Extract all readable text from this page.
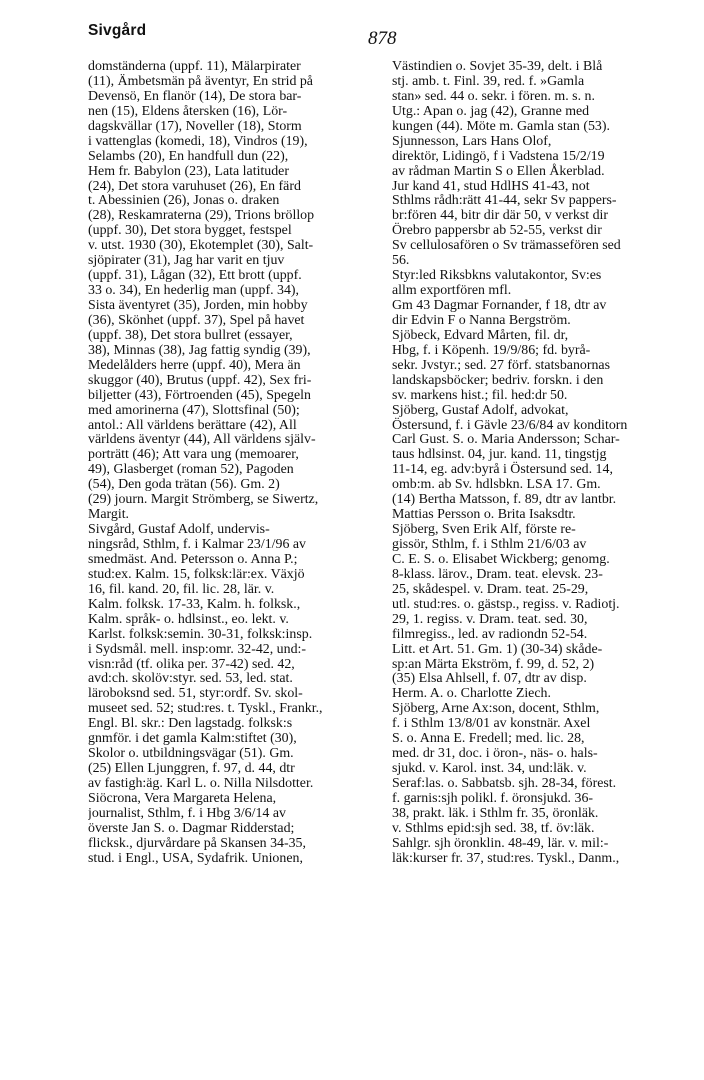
Sivgård	878
domständerna (uppf. 11), Mälarpirater
(11), Ämbetsmän på äventyr, En strid på
Devensö, En flanör (14), De stora bar-
nen (15), Eldens återsken (16), Lör-
dagskvällar (17), Noveller (18), Storm
i vattenglas (komedi, 18), Vindros (19),
Selambs (20), En handfull dun (22),
Hem fr. Babylon (23), Lata latituder
(24), Det stora varuhuset (26), En färd
t. Abessinien (26), Jonas o. draken
(28), Reskamraterna (29), Trions bröllop
(uppf. 30), Det stora bygget, festspel
v. utst. 1930 (30), Ekotemplet (30), Salt-
sjöpirater (31), Jag har varit en tjuv
(uppf. 31), Lågan (32), Ett brott (uppf.
33 o. 34), En hederlig man (uppf. 34),
Sista äventyret (35), Jorden, min hobby
(36), Skönhet (uppf. 37), Spel på havet
(uppf. 38), Det stora bullret (essayer,
38), Minnas (38), Jag fattig syndig (39),
Medelålders herre (uppf. 40), Mera än
skuggor (40), Brutus (uppf. 42), Sex fri-
biljetter (43), Förtroenden (45), Spegeln
med amorinerna (47), Slottsfinal (50);
antol.: All världens berättare (42), All
världens äventyr (44), All världens själv-
porträtt (46); Att vara ung (memoarer,
49), Glasberget (roman 52), Pagoden
(54), Den goda trätan (56). Gm. 2)
(29) journ. Margit Strömberg, se Siwertz,
Margit.
Sivgård, Gustaf Adolf, undervis-
ningsråd, Sthlm, f. i Kalmar 23/1/96 av
smedmäst. And. Petersson o. Anna P.;
stud:ex. Kalm. 15, folksk:lär:ex. Växjö
16, fil. kand. 20, fil. lic. 28, lär. v.
Kalm. folksk. 17-33, Kalm. h. folksk.,
Kalm. språk- o. hdlsinst., eo. lekt. v.
Karlst. folksk:semin. 30-31, folksk:insp.
i Sydsmål. mell. insp:omr. 32-42, und:-
visn:råd (tf. olika per. 37-42) sed. 42,
avd:ch. skolöv:styr. sed. 53, led. stat.
läroboksnd sed. 51, styr:ordf. Sv. skol-
museet sed. 52; stud:res. t. Tyskl., Frankr.,
Engl. Bl. skr.: Den lagstadg. folksk:s
gnmför. i det gamla Kalm:stiftet (30),
Skolor o. utbildningsvägar (51). Gm.
(25) Ellen Ljunggren, f. 97, d. 44, dtr
av fastigh:äg. Karl L. o. Nilla Nilsdotter.
Siöcrona, Vera Margareta Helena,
journalist, Sthlm, f. i Hbg 3/6/14 av
överste Jan S. o. Dagmar Ridderstad;
flicksk., djurvårdare på Skansen 34-35,
stud. i Engl., USA, Sydafrik. Unionen,
Västindien o. Sovjet 35-39, delt. i Blå
stj. amb. t. Finl. 39, red. f. »Gamla
stan» sed. 44 o. sekr. i fören. m. s. n.
Utg.: Apan o. jag (42), Granne med
kungen (44). Möte m. Gamla stan (53).
Sjunnesson, Lars Hans Olof,
direktör, Lidingö, f i Vadstena 15/2/19
av rådman Martin S o Ellen Åkerblad.
Jur kand 41, stud HdlHS 41-43, not
Sthlms rådh:rätt 41-44, sekr Sv pappers-
br:fören 44, bitr dir där 50, v verkst dir
Örebro pappersbr ab 52-55, verkst dir
Sv cellulosafören o Sv trämassefören sed
56.
Styr:led Riksbkns valutakontor, Sv:es
allm exportfören mfl.
Gm 43 Dagmar Fornander, f 18, dtr av
dir Edvin F o Nanna Bergström.
Sjöbeck, Edvard Mårten, fil. dr,
Hbg, f. i Köpenh. 19/9/86; fd. byrå-
sekr. Jvstyr.; sed. 27 förf. statsbanornas
landskapsböcker; bedriv. forskn. i den
sv. markens hist.; fil. hed:dr 50.
Sjöberg, Gustaf Adolf, advokat,
Östersund, f. i Gävle 23/6/84 av konditorn
Carl Gust. S. o. Maria Andersson; Schar-
taus hdlsinst. 04, jur. kand. 11, tingstjg
11-14, eg. adv:byrå i Östersund sed. 14,
omb:m. ab Sv. hdlsbkn. LSA 17. Gm.
(14) Bertha Matsson, f. 89, dtr av lantbr.
Mattias Persson o. Brita Isaksdtr.
Sjöberg, Sven Erik Alf, förste re-
gissör, Sthlm, f. i Sthlm 21/6/03 av
C. E. S. o. Elisabet Wickberg; genomg.
8-klass. lärov., Dram. teat. elevsk. 23-
25, skådespel. v. Dram. teat. 25-29,
utl. stud:res. o. gästsp., regiss. v. Radiotj.
29, 1. regiss. v. Dram. teat. sed. 30,
filmregiss., led. av radiondn 52-54.
Litt. et Art. 51. Gm. 1) (30-34) skåde-
sp:an Märta Ekström, f. 99, d. 52, 2)
(35) Elsa Ahlsell, f. 07, dtr av disp.
Herm. A. o. Charlotte Ziech.
Sjöberg, Arne Ax:son, docent, Sthlm,
f. i Sthlm 13/8/01 av konstnär. Axel
S. o. Anna E. Fredell; med. lic. 28,
med. dr 31, doc. i öron-, näs- o. hals-
sjukd. v. Karol. inst. 34, und:läk. v.
Seraf:las. o. Sabbatsb. sjh. 28-34, förest.
f. garnis:sjh polikl. f. öronsjukd. 36-
38, prakt. läk. i Sthlm fr. 35, öronläk.
v. Sthlms epid:sjh sed. 38, tf. öv:läk.
Sahlgr. sjh öronklin. 48-49, lär. v. mil:-
läk:kurser fr. 37, stud:res. Tyskl., Danm.,
